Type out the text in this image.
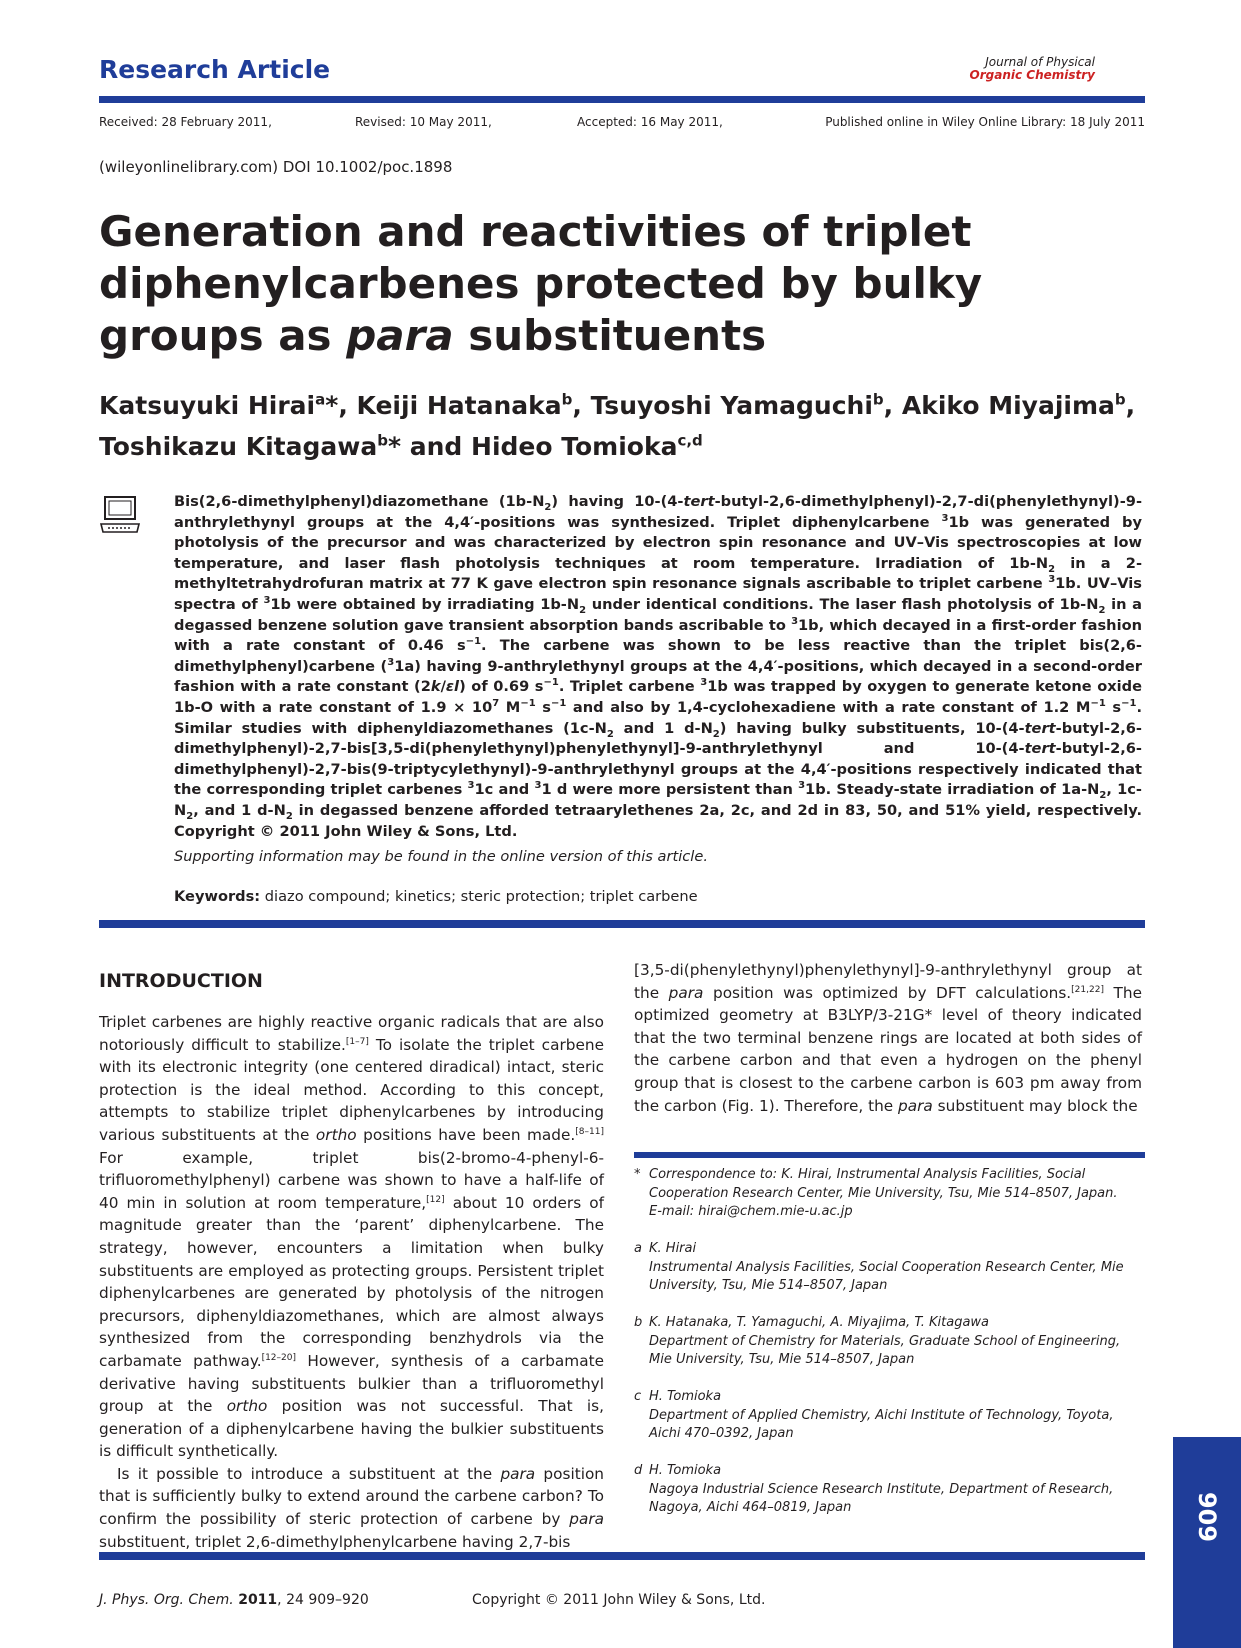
Research Article	Journal of Physical
Organic Chemistry
Received: 28 February 2011,	Revised: 10 May 2011,	Accepted: 16 May 2011,	Published online in Wiley Online Library: 18 July 2011
(wileyonlinelibrary.com) DOI 10.1002/poc.1898
Generation and reactivities of triplet diphenylcarbenes protected by bulky groups as para substituents
Katsuyuki Hirai$^a$*, Keiji Hatanaka$^b$, Tsuyoshi Yamaguchi$^b$, Akiko Miyajima$^b$,
Toshikazu Kitagawa$^b$* and Hideo Tomioka$^{c,d}$

Bis(2,6-dimethylphenyl)diazomethane $(1b-N_2)$ having 10-(4-tert-butyl-2,6-dimethylphenyl)-2,7-di(phenylethynyl)-9-anthrylethynyl groups at the 4,4′-positions was synthesized. Triplet diphenylcarbene $^3$1b was generated by photolysis of the precursor and was characterized by electron spin resonance and UV–Vis spectroscopies at low temperature, and laser flash photolysis techniques at room temperature. Irradiation of $1b-N_2$ in a 2-methyltetrahydrofuran matrix at 77 K gave electron spin resonance signals ascribable to triplet carbene $^3$1b. UV–Vis spectra of $^3$1b were obtained by irradiating $1b-N_2$ under identical conditions. The laser flash photolysis of $1b-N_2$ in a degassed benzene solution gave transient absorption bands ascribable to $^3$1b, which decayed in a first-order fashion with a rate constant of 0.46 $s^{-1}$. The carbene was shown to be less reactive than the triplet bis(2,6-dimethylphenyl)carbene ($^3$1a) having 9-anthrylethynyl groups at the 4,4′-positions, which decayed in a second-order fashion with a rate constant (2k/εl) of 0.69 $s^{-1}$. Triplet carbene $^3$1b was trapped by oxygen to generate ketone oxide 1b-O with a rate constant of $1.9 \times 10^7$ $M^{-1}$ $s^{-1}$ and also by 1,4-cyclohexadiene with a rate constant of 1.2 $M^{-1}$ $s^{-1}$. Similar studies with diphenyldiazomethanes ($1c-N_2$ and 1 $d-N_2$) having bulky substituents, 10-(4-tert-butyl-2,6-dimethylphenyl)-2,7-bis[3,5-di(phenylethynyl)phenylethynyl]-9-anthrylethynyl and 10-(4-tert-butyl-2,6-dimethylphenyl)-2,7-bis(9-triptycylethynyl)-9-anthrylethynyl groups at the 4,4′-positions respectively indicated that the corresponding triplet carbenes $^3$1c and $^3$1 d were more persistent than $^3$1b. Steady-state irradiation of $1a-N_2$, $1c-N_2$, and 1 $d-N_2$ in degassed benzene afforded tetraarylethenes 2a, 2c, and 2d in 83, 50, and 51% yield, respectively. Copyright © 2011 John Wiley & Sons, Ltd.

Supporting information may be found in the online version of this article.
Keywords: diazo compound; kinetics; steric protection; triplet carbene
INTRODUCTION

Triplet carbenes are highly reactive organic radicals that are also notoriously difficult to stabilize.[1–7] To isolate the triplet carbene with its electronic integrity (one centered diradical) intact, steric protection is the ideal method. According to this concept, attempts to stabilize triplet diphenylcarbenes by introducing various substituents at the ortho positions have been made.[8–11] For example, triplet bis(2-bromo-4-phenyl-6-trifluoromethylphenyl) carbene was shown to have a half-life of 40 min in solution at room temperature,[12] about 10 orders of magnitude greater than the ‘parent’ diphenylcarbene. The strategy, however, encounters a limitation when bulky substituents are employed as protecting groups. Persistent triplet diphenylcarbenes are generated by photolysis of the nitrogen precursors, diphenyldiazomethanes, which are almost always synthesized from the corresponding benzhydrols via the carbamate pathway.[12–20] However, synthesis of a carbamate derivative having substituents bulkier than a trifluoromethyl group at the ortho position was not successful. That is, generation of a diphenylcarbene having the bulkier substituents is difficult synthetically.

Is it possible to introduce a substituent at the para position that is sufficiently bulky to extend around the carbene carbon? To confirm the possibility of steric protection of carbene by para substituent, triplet 2,6-dimethylphenylcarbene having 2,7-bis

[3,5-di(phenylethynyl)phenylethynyl]-9-anthrylethynyl group at the para position was optimized by DFT calculations.[21,22] The optimized geometry at B3LYP/3-21G* level of theory indicated that the two terminal benzene rings are located at both sides of the carbene carbon and that even a hydrogen on the phenyl group that is closest to the carbene carbon is 603 pm away from the carbon (Fig. 1). Therefore, the para substituent may block the

* Correspondence to: K. Hirai, Instrumental Analysis Facilities, Social Cooperation Research Center, Mie University, Tsu, Mie 514–8507, Japan.
E-mail: hirai@chem.mie-u.ac.jp
a K. Hirai
Instrumental Analysis Facilities, Social Cooperation Research Center, Mie University, Tsu, Mie 514–8507, Japan
b K. Hatanaka, T. Yamaguchi, A. Miyajima, T. Kitagawa
Department of Chemistry for Materials, Graduate School of Engineering, Mie University, Tsu, Mie 514–8507, Japan
c H. Tomioka
Department of Applied Chemistry, Aichi Institute of Technology, Toyota, Aichi 470–0392, Japan
d H. Tomioka
Nagoya Industrial Science Research Institute, Department of Research, Nagoya, Aichi 464–0819, Japan	909
J. Phys. Org. Chem. 2011, 24 909–920	Copyright © 2011 John Wiley & Sons, Ltd.
